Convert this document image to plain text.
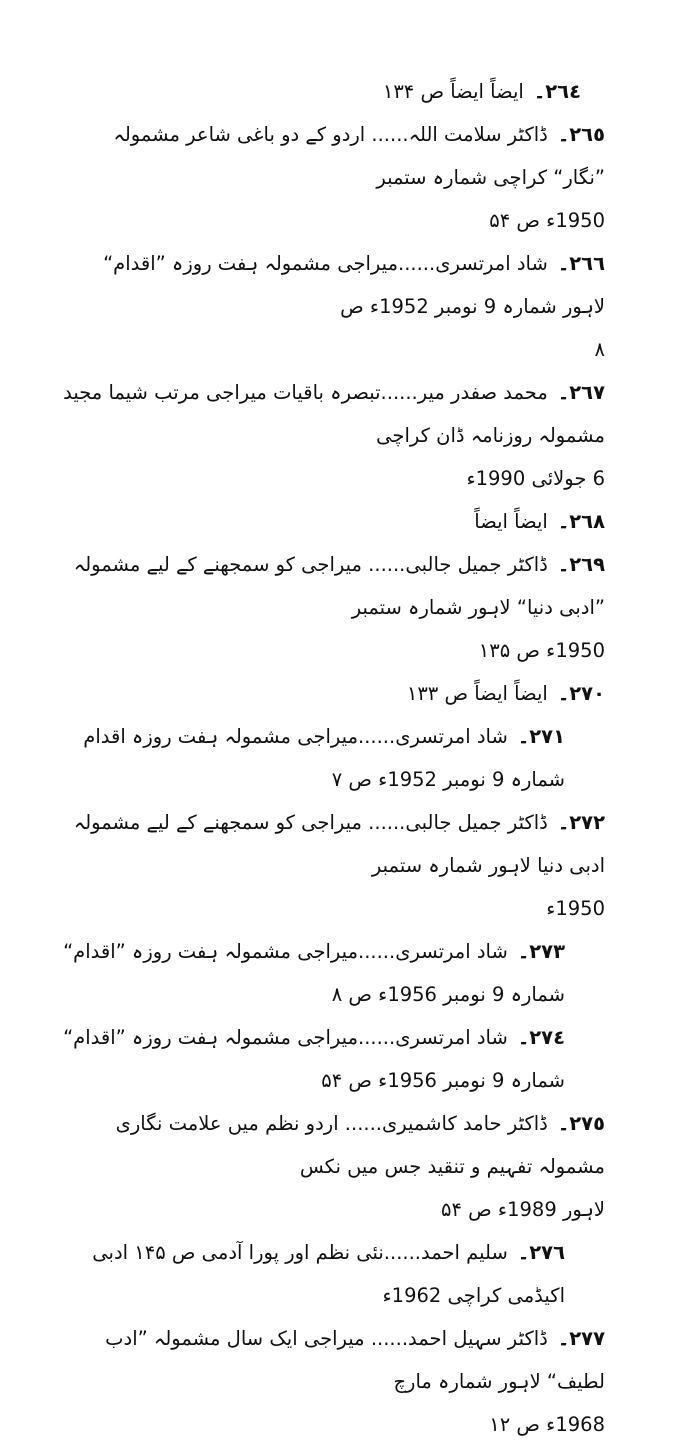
٢٦٤۔ایضاً ایضاً ص ۱۳۴
٢٦٥۔ڈاکٹر سلامت اللہ...... اردو کے دو باغی شاعر مشمولہ ”نگار“ کراچی شمارہ ستمبر
1950ء ص ۵۴
٢٦٦۔شاد امرتسری......میراجی مشمولہ ہفت روزہ ”اقدام“ لاہور شمارہ 9 نومبر 1952ء ص
۸
٢٦٧۔محمد صفدر میر......تبصرہ باقیات میراجی مرتب شیما مجید مشمولہ روزنامہ ڈان کراچی
6 جولائی 1990ء
٢٦٨۔ایضاً ایضاً
٢٦٩۔ڈاکٹر جمیل جالبی...... میراجی کو سمجھنے کے لیے مشمولہ ”ادبی دنیا“ لاہور شمارہ ستمبر
1950ء ص ۱۳۵
٢٧٠۔ایضاً ایضاً ص ۱۳۳
٢٧١۔شاد امرتسری......میراجی مشمولہ ہفت روزہ اقدام شمارہ 9 نومبر 1952ء ص ۷
٢٧٢۔ڈاکٹر جمیل جالبی...... میراجی کو سمجھنے کے لیے مشمولہ ادبی دنیا لاہور شمارہ ستمبر
1950ء
٢٧٣۔شاد امرتسری......میراجی مشمولہ ہفت روزہ ”اقدام“ شمارہ 9 نومبر 1956ء ص ۸
٢٧٤۔شاد امرتسری......میراجی مشمولہ ہفت روزہ ”اقدام“ شمارہ 9 نومبر 1956ء ص ۵۴
٢٧٥۔ڈاکٹر حامد کاشمیری...... اردو نظم میں علامت نگاری مشمولہ تفہیم و تنقید جس میں نکس
لاہور 1989ء ص ۵۴
٢٧٦۔سلیم احمد......نئی نظم اور پورا آدمی ص ۱۴۵ ادبی اکیڈمی کراچی 1962ء
٢٧٧۔ڈاکٹر سہیل احمد...... میراجی ایک سال مشمولہ ”ادب لطیف“ لاہور شمارہ مارچ
1968ء ص ۱۲
